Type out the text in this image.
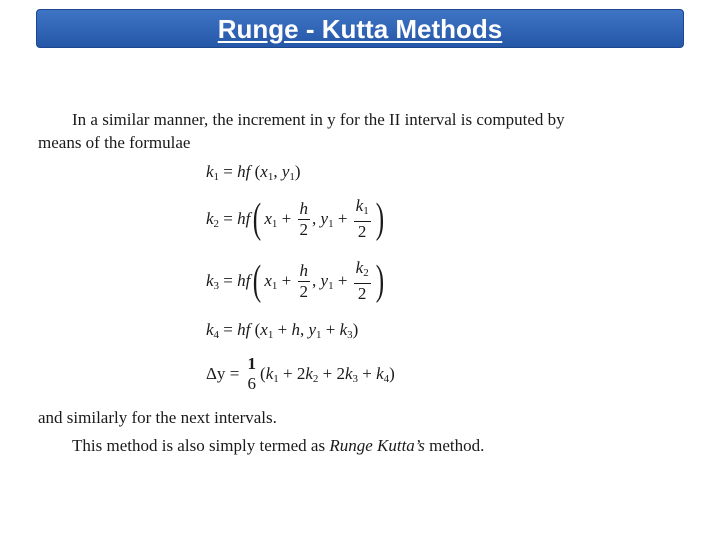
Runge - Kutta Methods
In a similar manner, the increment in y for the II interval is computed by
means of the formulae
$k_1$ = hf ($x_1$, $y_1$)
$k_2 = hf$( $x_1 + \frac{h}{2}$ , $y_1 + \frac{k_1}{2}$ )
$k_3 = hf$( $x_1 + \frac{h}{2}$ , $y_1 + \frac{k_2}{2}$ )
$k_4$ = hf ($x_1 + h$, $y_1 + k_3$)
Δy =
1
6
$(k_1 + 2k_2 + 2k_3 + k_4)$
and similarly for the next intervals.
This method is also simply termed as Runge Kutta’s method.
